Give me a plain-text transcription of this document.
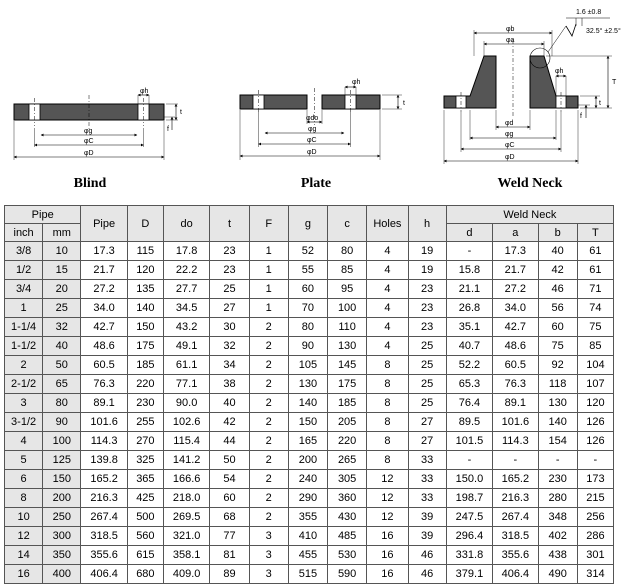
φh
t
f
φg
φC
φD
φh
t
φdo
φg
φC
φD
φb
φa
1.6 ±0.8
32.5° ±2.5°
φh
T
t
f
φd
φg
φC
φD
Blind	Plate	Weld Neck
Pipe		Pipe	D	do	t	F	g	c	Holes	h	Weld Neck			
inch	mm										d	a	b	T
3/8	10	17.3	115	17.8	23	1	52	80	4	19	-	17.3	40	61
1/2	15	21.7	120	22.2	23	1	55	85	4	19	15.8	21.7	42	61
3/4	20	27.2	135	27.7	25	1	60	95	4	23	21.1	27.2	46	71
1	25	34.0	140	34.5	27	1	70	100	4	23	26.8	34.0	56	74
1-1/4	32	42.7	150	43.2	30	2	80	110	4	23	35.1	42.7	60	75
1-1/2	40	48.6	175	49.1	32	2	90	130	4	25	40.7	48.6	75	85
2	50	60.5	185	61.1	34	2	105	145	8	25	52.2	60.5	92	104
2-1/2	65	76.3	220	77.1	38	2	130	175	8	25	65.3	76.3	118	107
3	80	89.1	230	90.0	40	2	140	185	8	25	76.4	89.1	130	120
3-1/2	90	101.6	255	102.6	42	2	150	205	8	27	89.5	101.6	140	126
4	100	114.3	270	115.4	44	2	165	220	8	27	101.5	114.3	154	126
5	125	139.8	325	141.2	50	2	200	265	8	33	-	-	-	-
6	150	165.2	365	166.6	54	2	240	305	12	33	150.0	165.2	230	173
8	200	216.3	425	218.0	60	2	290	360	12	33	198.7	216.3	280	215
10	250	267.4	500	269.5	68	2	355	430	12	39	247.5	267.4	348	256
12	300	318.5	560	321.0	77	3	410	485	16	39	296.4	318.5	402	286
14	350	355.6	615	358.1	81	3	455	530	16	46	331.8	355.6	438	301
16	400	406.4	680	409.0	89	3	515	590	16	46	379.1	406.4	490	314
